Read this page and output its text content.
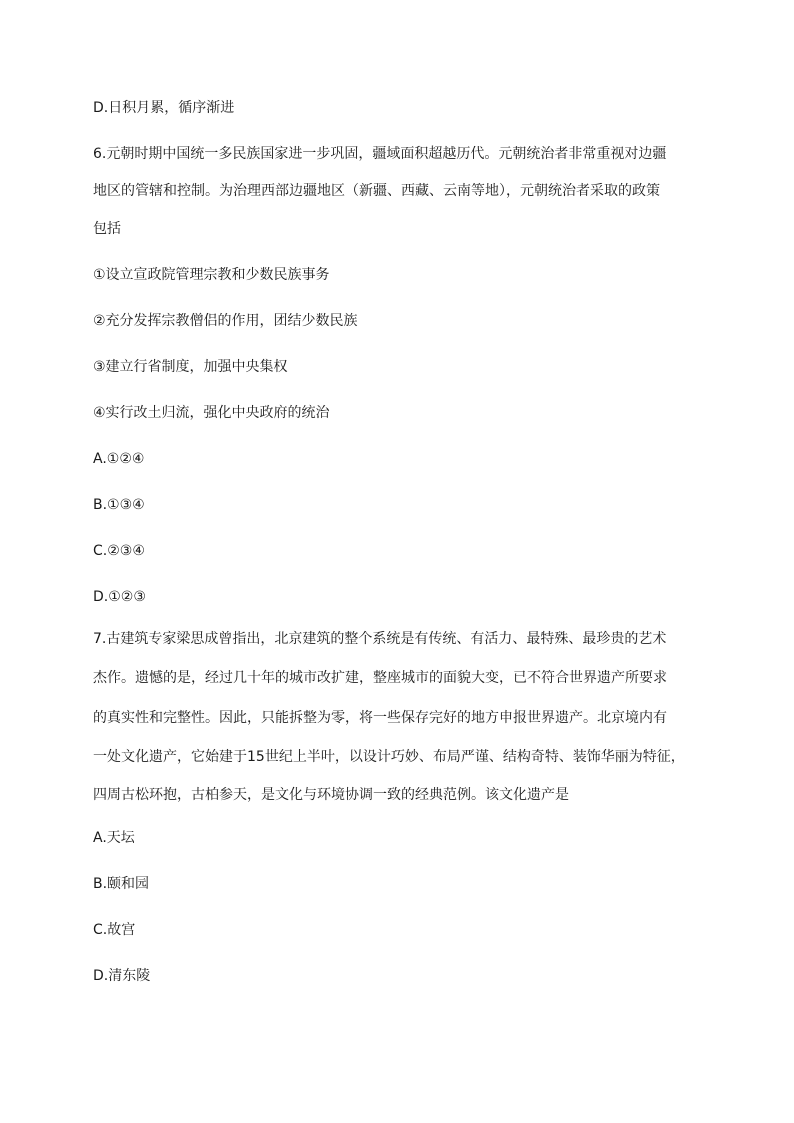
D.日积月累，循序渐进
6.元朝时期中国统一多民族国家进一步巩固，疆域面积超越历代。元朝统治者非常重视对边疆
地区的管辖和控制。为治理西部边疆地区（新疆、西藏、云南等地），元朝统治者采取的政策
包括
①设立宣政院管理宗教和少数民族事务
②充分发挥宗教僧侣的作用，团结少数民族
③建立行省制度，加强中央集权
④实行改土归流，强化中央政府的统治
A.①②④
B.①③④
C.②③④
D.①②③
7.古建筑专家梁思成曾指出，北京建筑的整个系统是有传统、有活力、最特殊、最珍贵的艺术
杰作。遗憾的是，经过几十年的城市改扩建，整座城市的面貌大变，已不符合世界遗产所要求
的真实性和完整性。因此，只能拆整为零，将一些保存完好的地方申报世界遗产。北京境内有
一处文化遗产，它始建于15世纪上半叶，以设计巧妙、布局严谨、结构奇特、装饰华丽为特征，
四周古松环抱，古柏参天，是文化与环境协调一致的经典范例。该文化遗产是
A.天坛
B.颐和园
C.故宫
D.清东陵
